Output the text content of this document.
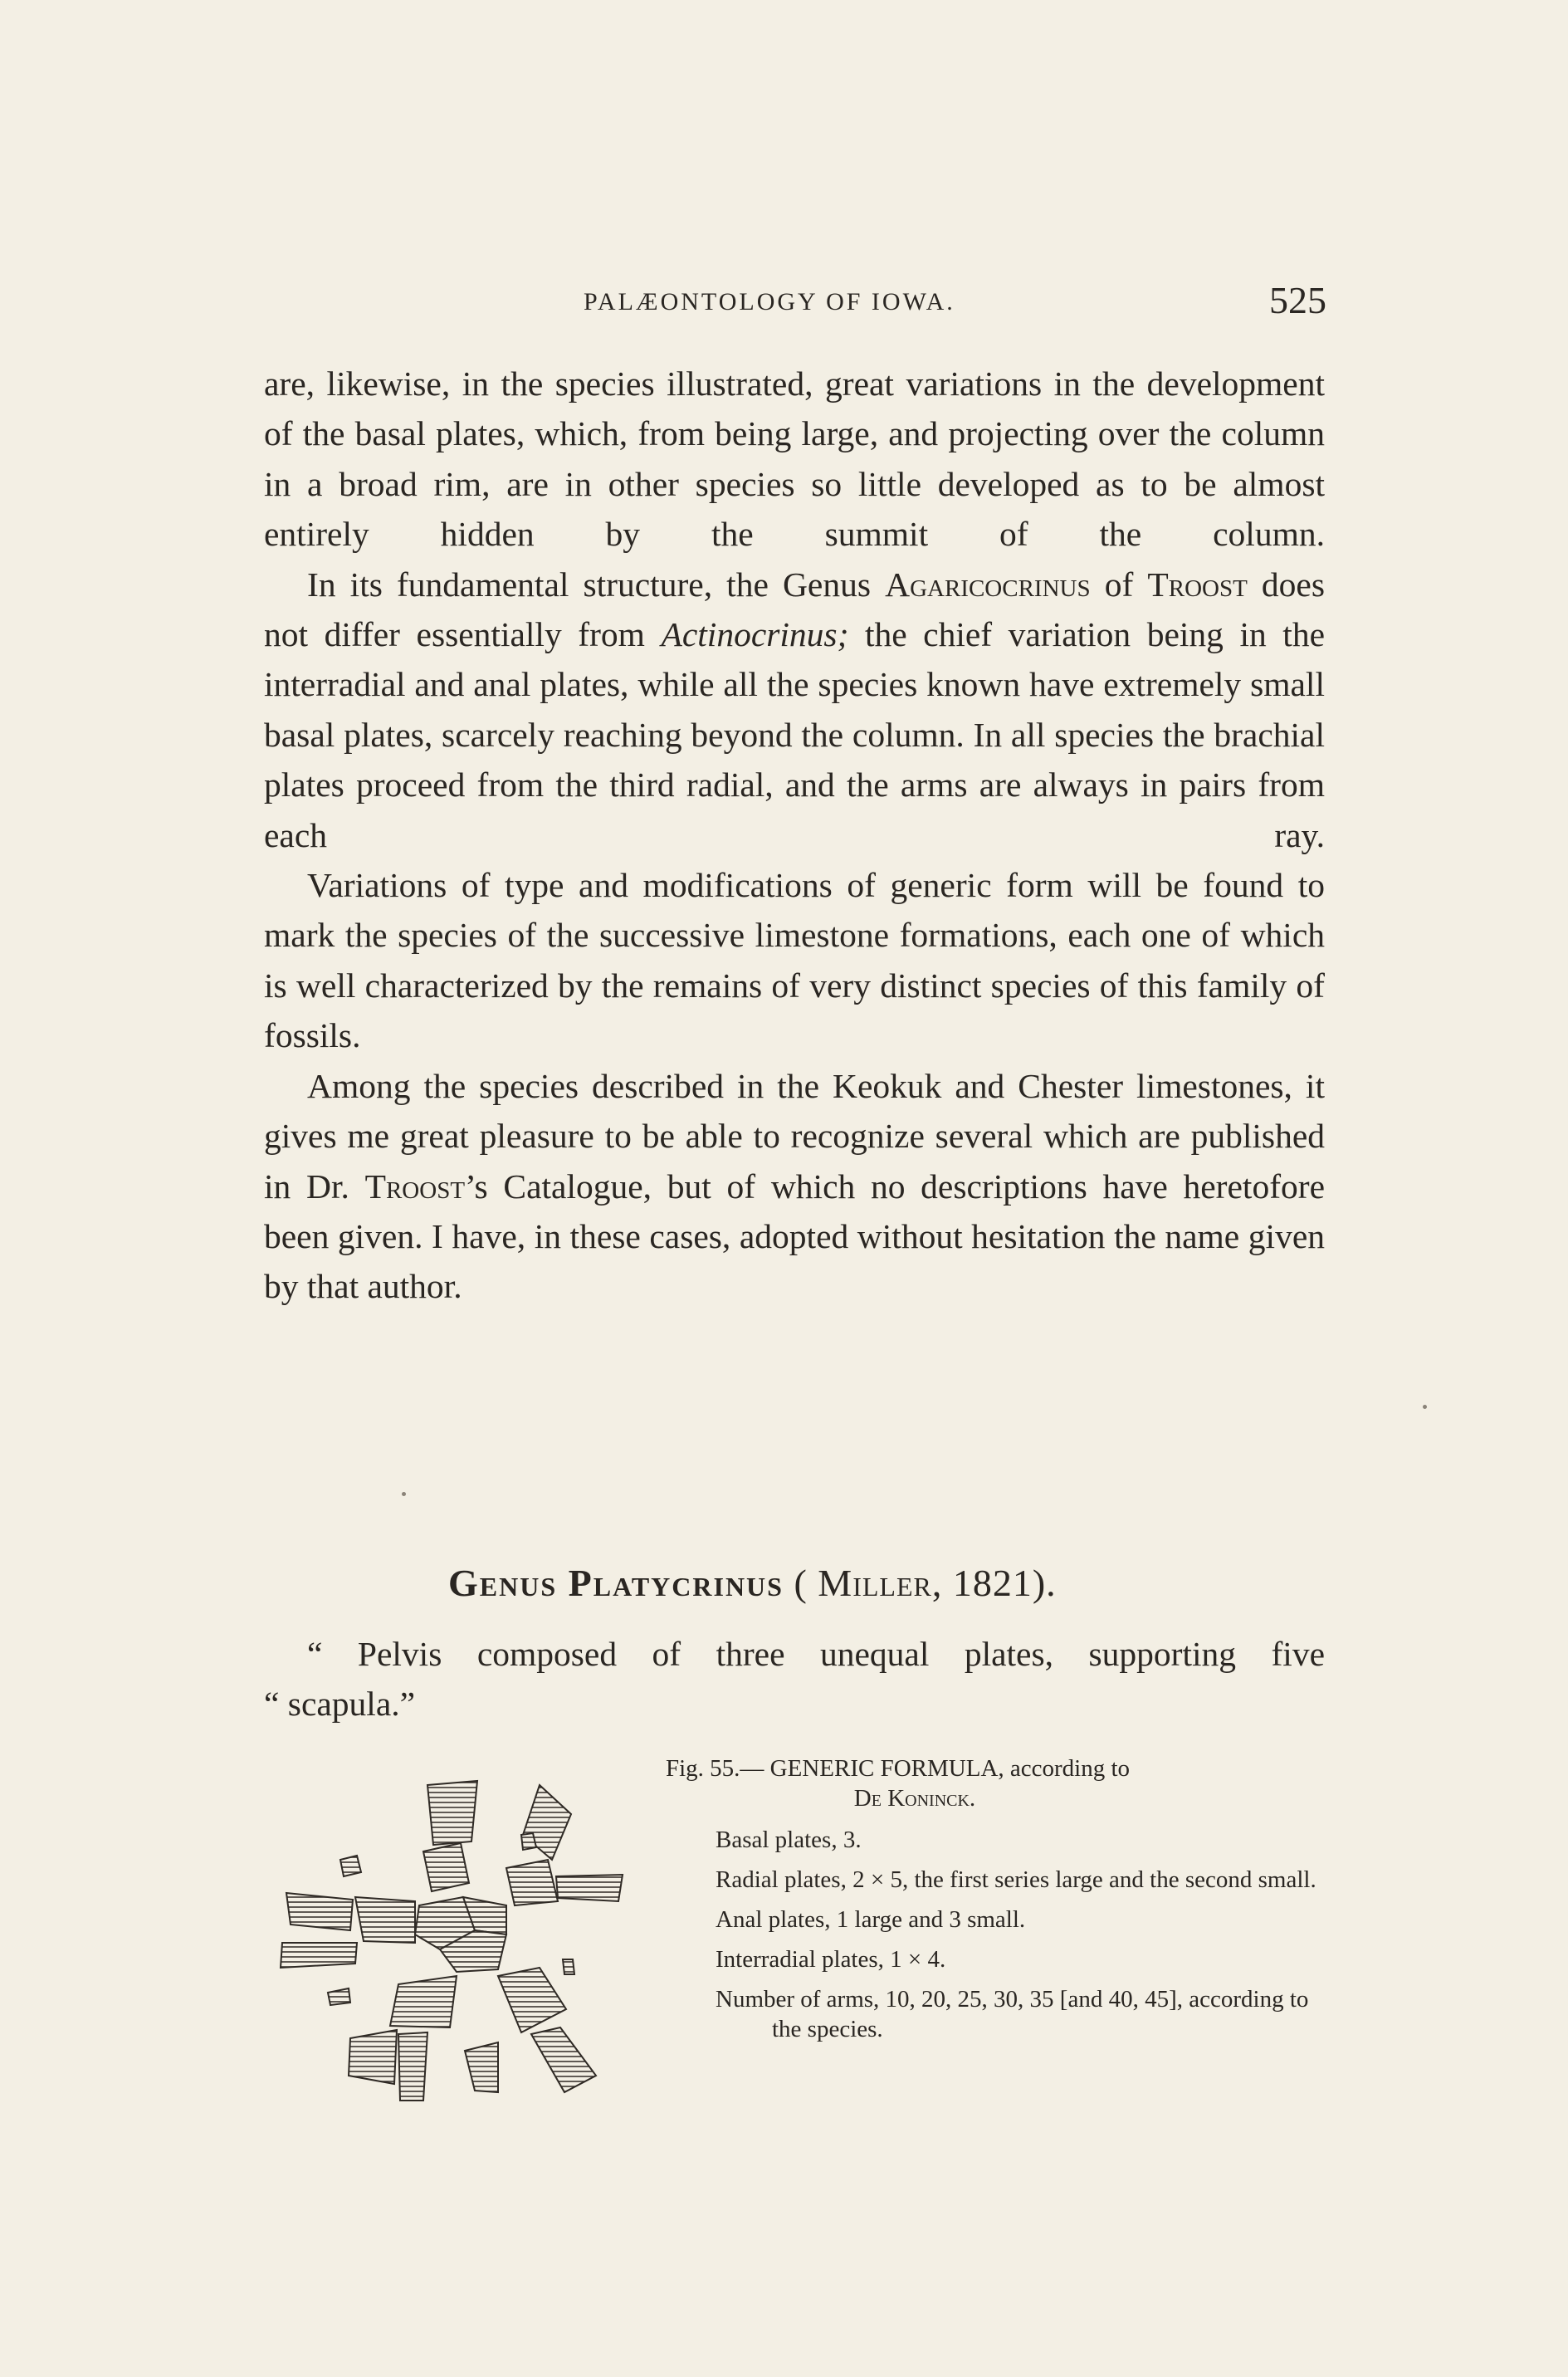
PALÆONTOLOGY OF IOWA.	525

are, likewise, in the species illustrated, great variations in the development of the basal plates, which, from being large, and projecting over the column in a broad rim, are in other species so little developed as to be almost entirely hidden by the summit of the column.

In its fundamental structure, the Genus Agaricocrinus of Troost does not differ essentially from Actinocrinus; the chief variation being in the interradial and anal plates, while all the species known have extremely small basal plates, scarcely reaching beyond the column. In all species the brachial plates proceed from the third radial, and the arms are always in pairs from each ray.

Variations of type and modifications of generic form will be found to mark the species of the successive limestone formations, each one of which is well characterized by the remains of very distinct species of this family of fossils.

Among the species described in the Keokuk and Chester limestones, it gives me great pleasure to be able to recognize several which are published in Dr. Troost’s Catalogue, but of which no descriptions have heretofore been given. I have, in these cases, adopted without hesitation the name given by that author.

Genus Platycrinus ( Miller, 1821).

“ Pelvis composed of three unequal plates, supporting five

“ scapula.”

Fig. 55.— GENERIC FORMULA, according to

De Koninck.

Basal plates, 3.

Radial plates, 2 × 5, the first series large and the second small.

Anal plates, 1 large and 3 small.

Interradial plates, 1 × 4.

Number of arms, 10, 20, 25, 30, 35 [and 40, 45], according to the species.
